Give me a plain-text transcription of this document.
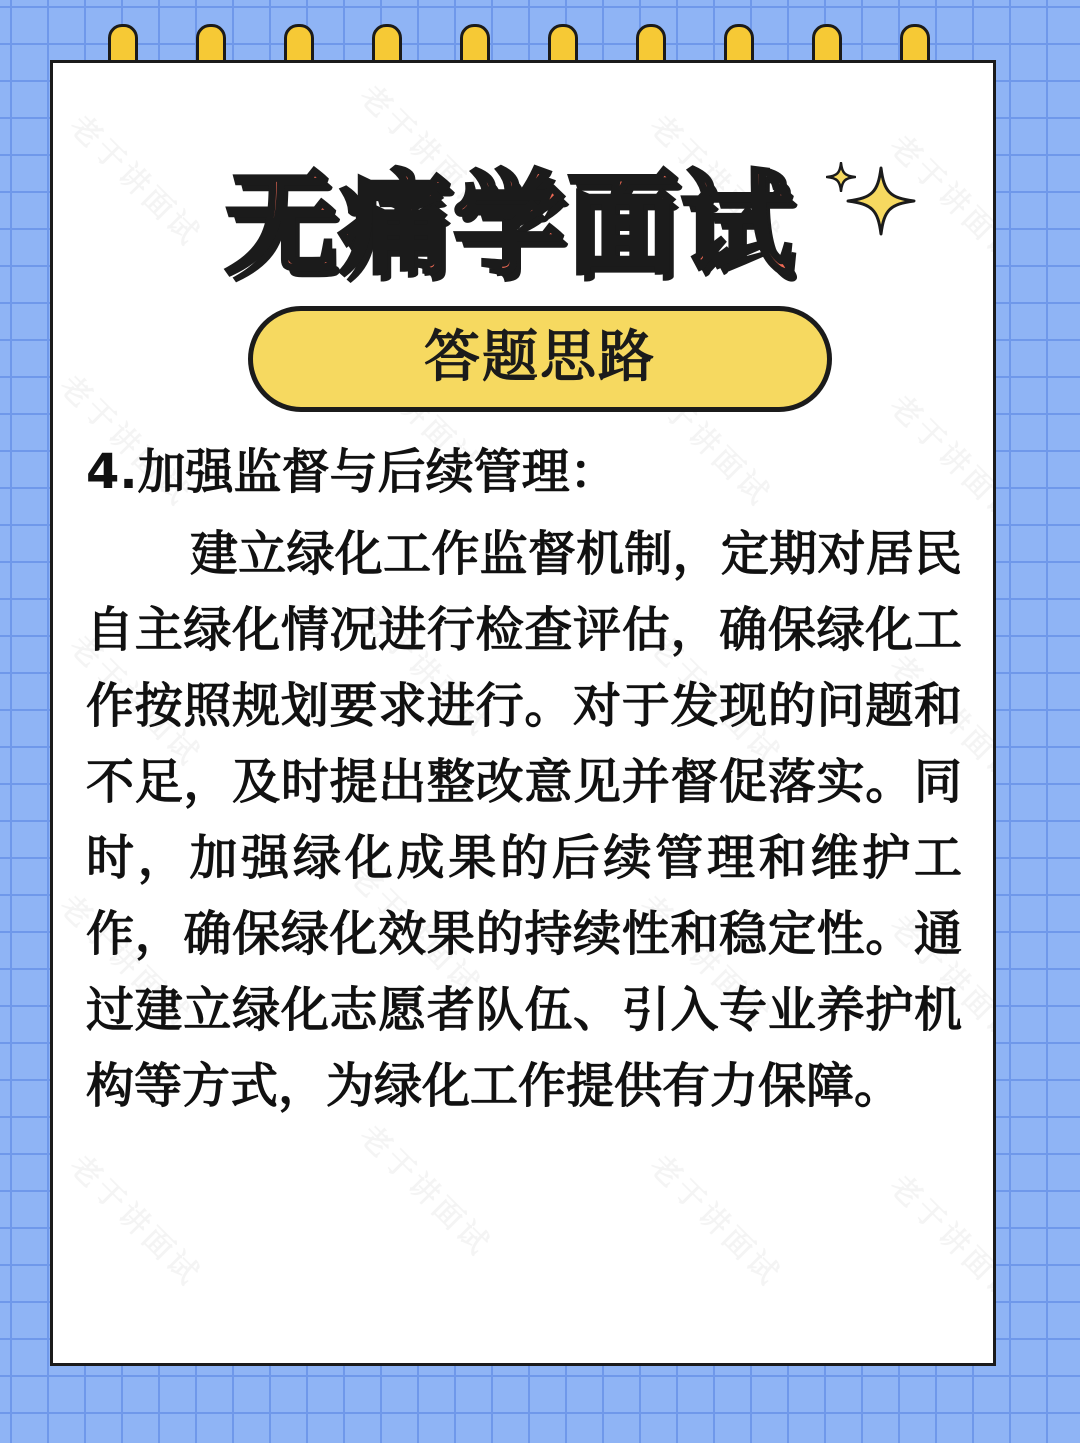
无痛学面试
答题思路
4.加强监督与后续管理：
建立绿化工作监督机制，定期对居民自主绿化情况进行检查评估，确保绿化工作按照规划要求进行。对于发现的问题和不足，及时提出整改意见并督促落实。同时，加强绿化成果的后续管理和维护工作，确保绿化效果的持续性和稳定性。通过建立绿化志愿者队伍、引入专业养护机构等方式，为绿化工作提供有力保障。
